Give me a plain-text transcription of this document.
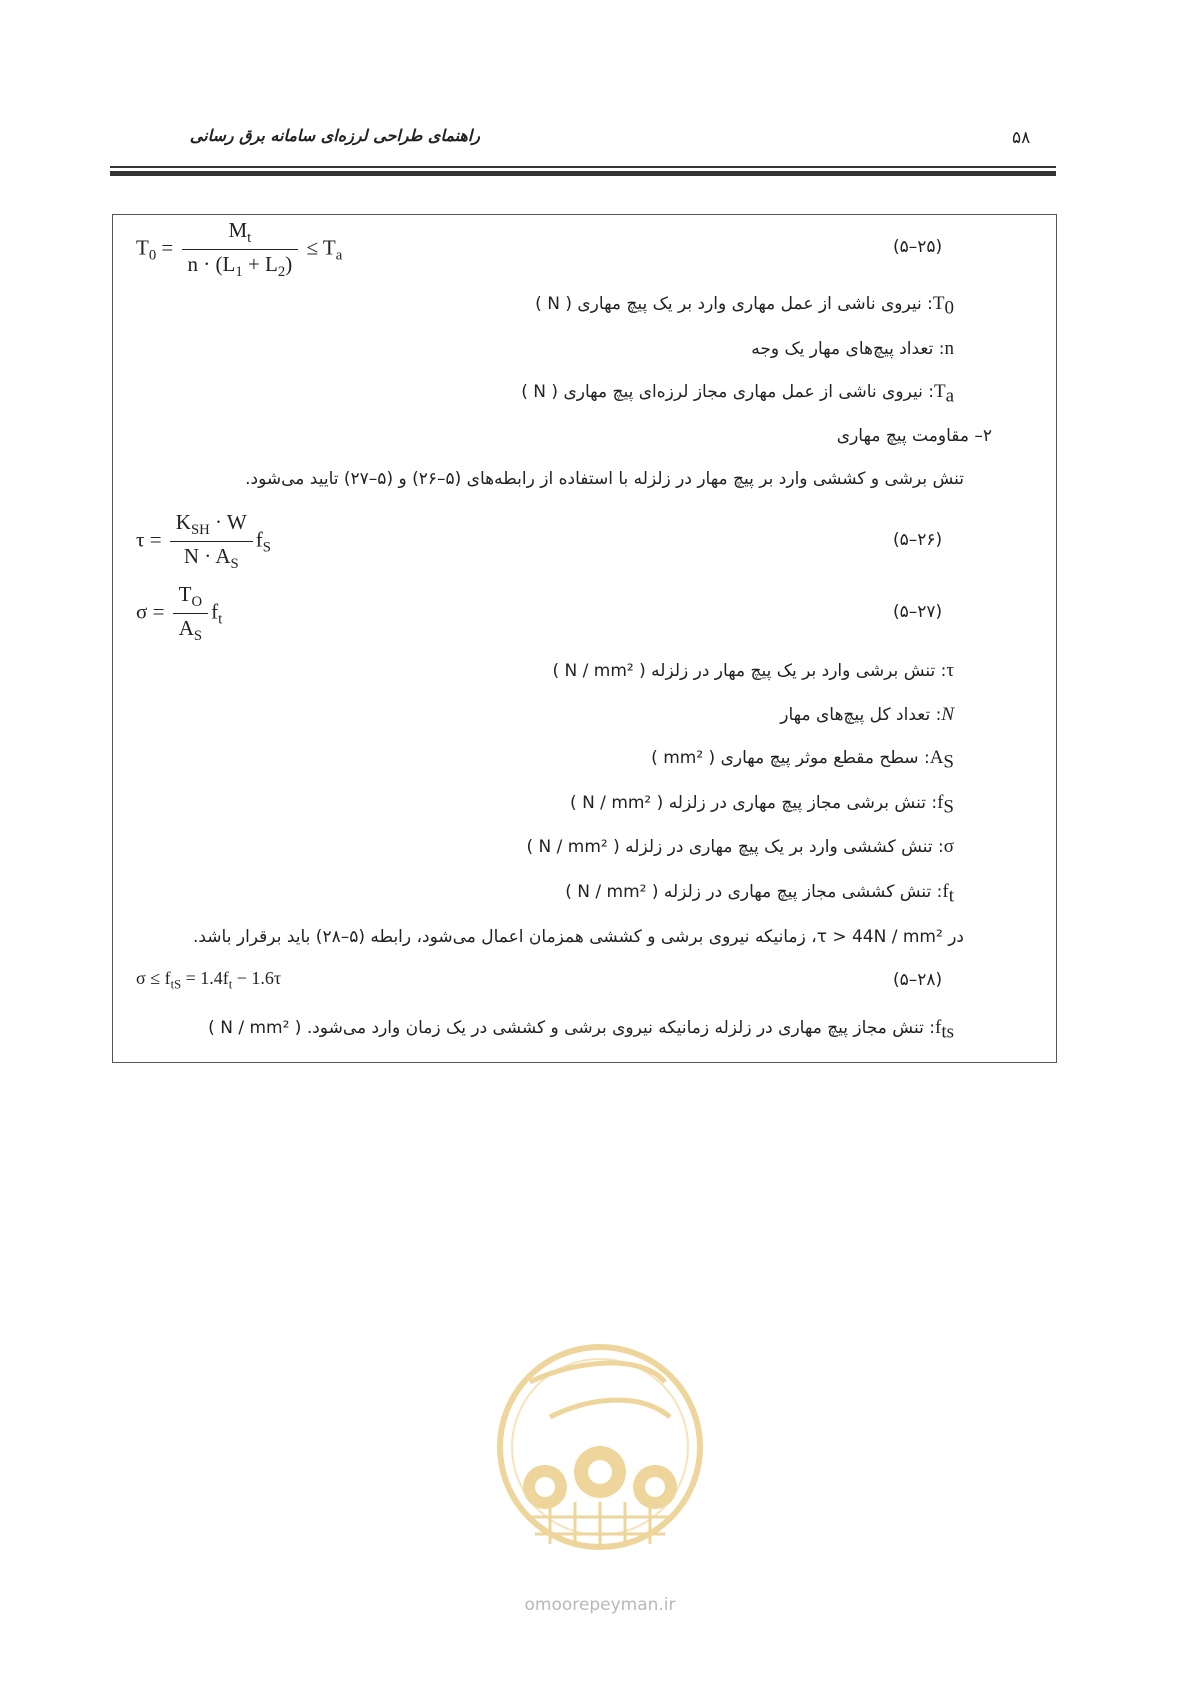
۵۸
راهنمای طراحی لرزه‌ای سامانه برق رسانی
$T_0 = \frac{M_t}{n \cdot (L_1 + L_2)} \le T_a$	(۲۵–۵)
$T_0$: نیروی ناشی از عمل مهاری وارد بر یک پیچ مهاری ( N )
n: تعداد پیچ‌های مهار یک وجه
$T_a$: نیروی ناشی از عمل مهاری مجاز لرزه‌ای پیچ مهاری ( N )
۲– مقاومت پیچ مهاری
تنش برشی و کششی وارد بر پیچ مهار در زلزله با استفاده از رابطه‌های (۵–۲۶) و (۵–۲۷) تایید می‌شود.
$\tau = \frac{K_{SH} \cdot W}{N \cdot A_S} f_S$	(۲۶–۵)
$\sigma = \frac{T_O}{A_S} f_t$	(۲۷–۵)
τ: تنش برشی وارد بر یک پیچ مهار در زلزله ( N / mm² )
N: تعداد کل پیچ‌های مهار
$A_S$: سطح مقطع موثر پیچ مهاری ( mm² )
$f_S$: تنش برشی مجاز پیچ مهاری در زلزله ( N / mm² )
σ: تنش کششی وارد بر یک پیچ مهاری در زلزله ( N / mm² )
$f_t$: تنش کششی مجاز پیچ مهاری در زلزله ( N / mm² )
در τ > 44N / mm²، زمانیکه نیروی برشی و کششی همزمان اعمال می‌شود، رابطه (۵–۲۸) باید برقرار باشد.
$\sigma \le f_{tS} = 1.4f_t - 1.6\tau$	(۲۸–۵)
$f_{ts}$: تنش مجاز پیچ مهاری در زلزله زمانیکه نیروی برشی و کششی در یک زمان وارد می‌شود. ( N / mm² )
omoorepeyman.ir
